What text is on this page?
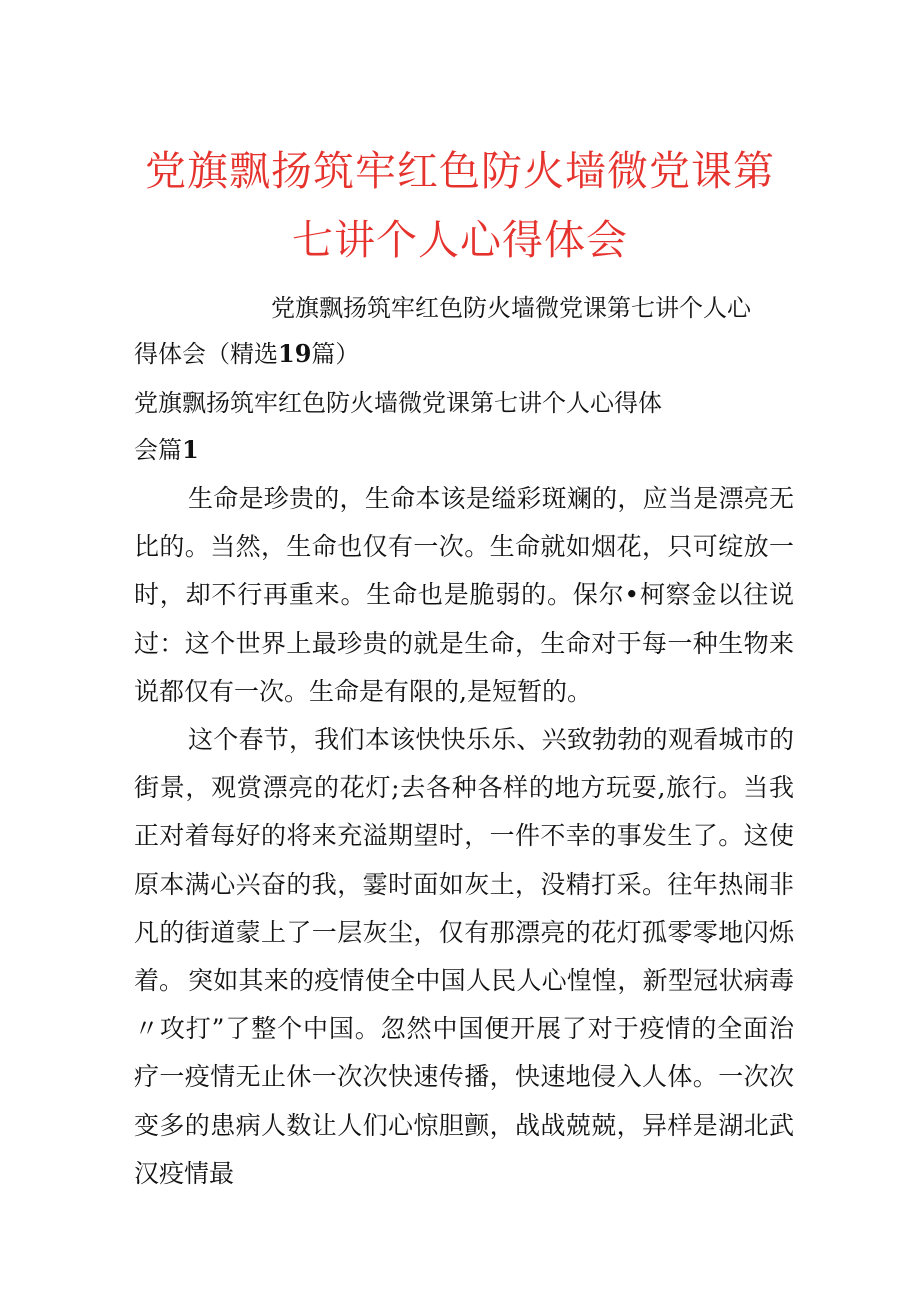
党旗飘扬筑牢红色防火墙微党课第
七讲个人心得体会
党旗飘扬筑牢红色防火墙微党课第七讲个人心
得体会（精选19篇）
党旗飘扬筑牢红色防火墙微党课第七讲个人心得体
会篇1

生命是珍贵的，生命本该是缢彩斑斓的，应当是漂亮无比的。当然，生命也仅有一次。生命就如烟花，只可绽放一时，却不行再重来。生命也是脆弱的。保尔•柯察金以往说过：这个世界上最珍贵的就是生命，生命对于每一种生物来说都仅有一次。生命是有限的,是短暂的。

这个春节，我们本该快快乐乐、兴致勃勃的观看城市的街景，观赏漂亮的花灯;去各种各样的地方玩耍,旅行。当我正对着每好的将来充溢期望时，一件不幸的事发生了。这使原本满心兴奋的我，霎时面如灰土，没精打采。往年热闹非凡的街道蒙上了一层灰尘，仅有那漂亮的花灯孤零零地闪烁着。 突如其来的疫情使全中国人民人心惶惶，新型冠状病毒〃攻打”了整个中国。忽然中国便开展了对于疫情的全面治疗一疫情无止休一次次快速传播，快速地侵入人体。一次次变多的患病人数让人们心惊胆颤，战战兢兢，异样是湖北武汉疫情最
